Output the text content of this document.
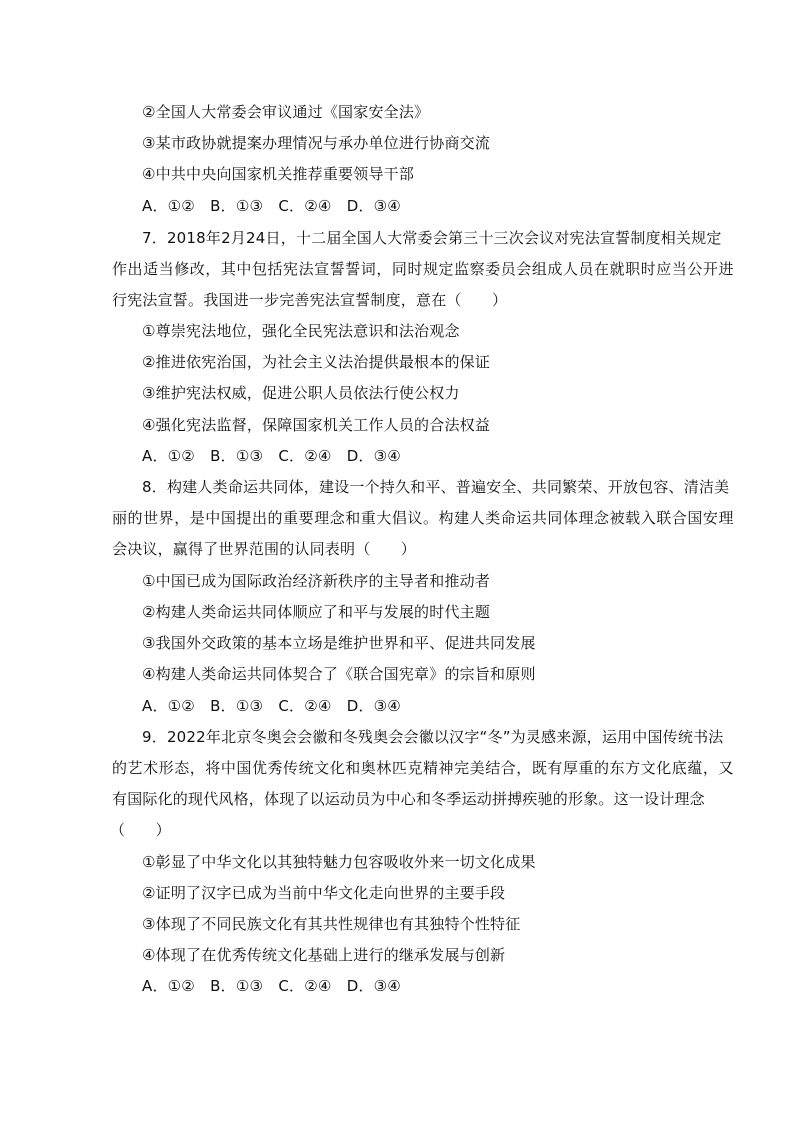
②全国人大常委会审议通过《国家安全法》
③某市政协就提案办理情况与承办单位进行协商交流
④中共中央向国家机关推荐重要领导干部
A．①②　B．①③　C．②④　D．③④
7．2018年2月24日，十二届全国人大常委会第三十三次会议对宪法宣誓制度相关规定
作出适当修改，其中包括宪法宣誓誓词，同时规定监察委员会组成人员在就职时应当公开进
行宪法宣誓。我国进一步完善宪法宣誓制度，意在（　　）
①尊崇宪法地位，强化全民宪法意识和法治观念
②推进依宪治国，为社会主义法治提供最根本的保证
③维护宪法权威，促进公职人员依法行使公权力
④强化宪法监督，保障国家机关工作人员的合法权益
A．①②　B．①③　C．②④　D．③④
8．构建人类命运共同体，建设一个持久和平、普遍安全、共同繁荣、开放包容、清洁美
丽的世界，是中国提出的重要理念和重大倡议。构建人类命运共同体理念被载入联合国安理
会决议，赢得了世界范围的认同表明（　　）
①中国已成为国际政治经济新秩序的主导者和推动者
②构建人类命运共同体顺应了和平与发展的时代主题
③我国外交政策的基本立场是维护世界和平、促进共同发展
④构建人类命运共同体契合了《联合国宪章》的宗旨和原则
A．①②　B．①③　C．②④　D．③④
9．2022年北京冬奥会会徽和冬残奥会会徽以汉字“冬”为灵感来源，运用中国传统书法
的艺术形态，将中国优秀传统文化和奥林匹克精神完美结合，既有厚重的东方文化底蕴，又
有国际化的现代风格，体现了以运动员为中心和冬季运动拼搏疾驰的形象。这一设计理念
（　　）
①彰显了中华文化以其独特魅力包容吸收外来一切文化成果
②证明了汉字已成为当前中华文化走向世界的主要手段
③体现了不同民族文化有其共性规律也有其独特个性特征
④体现了在优秀传统文化基础上进行的继承发展与创新
A．①②　B．①③　C．②④　D．③④
